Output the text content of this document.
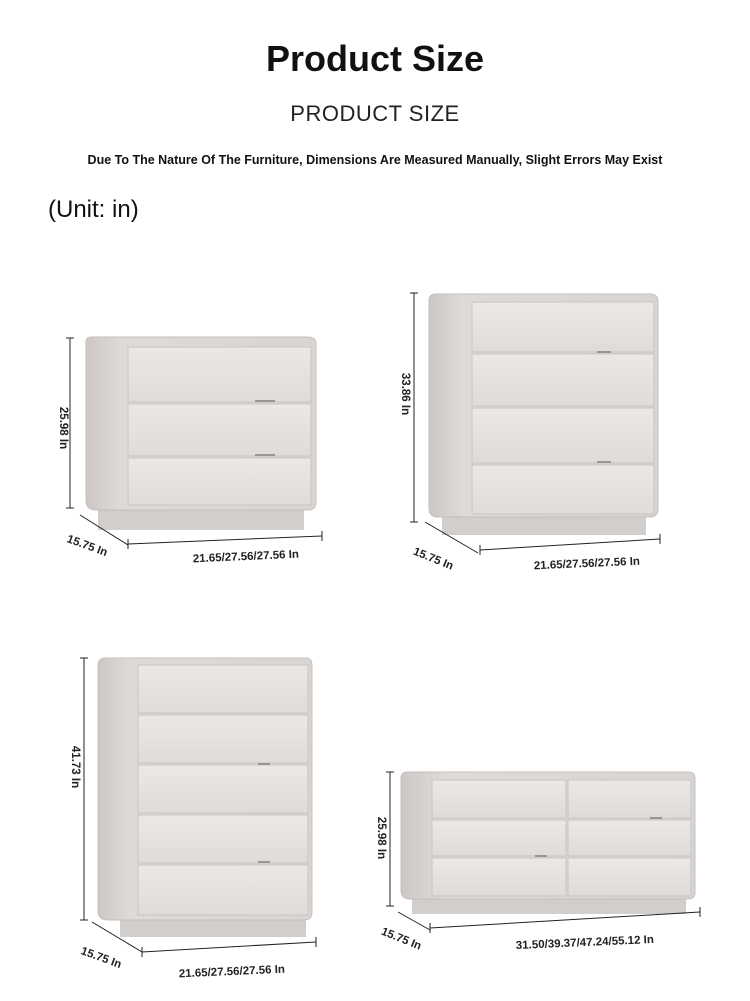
Product Size
PRODUCT SIZE
Due To The Nature Of The Furniture, Dimensions Are Measured Manually, Slight Errors May Exist
(Unit: in)
25.98 In
15.75 In	21.65/27.56/27.56 In
33.86 In
15.75 In	21.65/27.56/27.56 In
41.73 In
15.75 In
21.65/27.56/27.56 In
25.98 In
15.75 In	31.50/39.37/47.24/55.12 In
